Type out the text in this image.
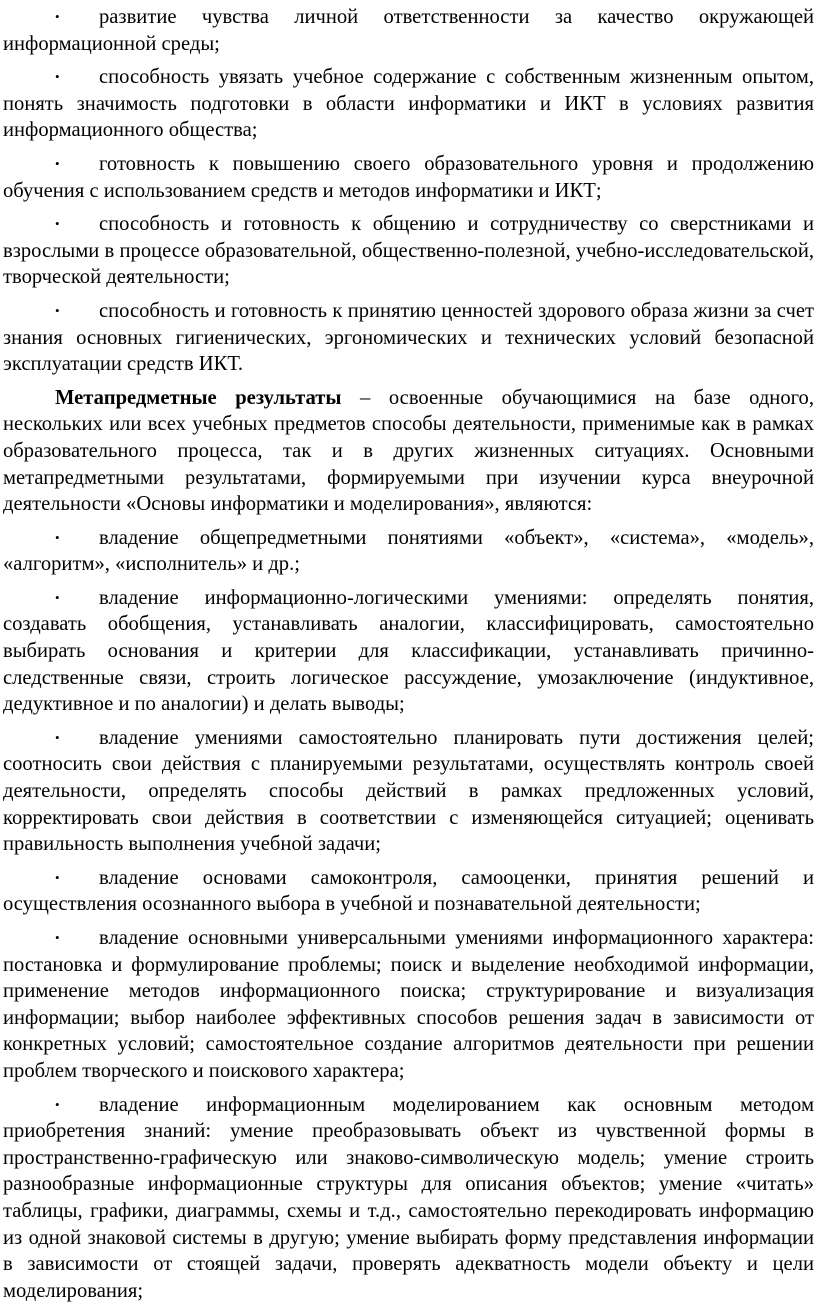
• развитие чувства личной ответственности за качество окружающей информационной среды;

• способность увязать учебное содержание с собственным жизненным опытом, понять значимость подготовки в области информатики и ИКТ в условиях развития информационного общества;

• готовность к повышению своего образовательного уровня и продолжению обучения с использованием средств и методов информатики и ИКТ;

• способность и готовность к общению и сотрудничеству со сверстниками и взрослыми в процессе образовательной, общественно-полезной, учебно-исследовательской, творческой деятельности;

• способность и готовность к принятию ценностей здорового образа жизни за счет знания основных гигиенических, эргономических и технических условий безопасной эксплуатации средств ИКТ.

Метапредметные результаты – освоенные обучающимися на базе одного, нескольких или всех учебных предметов способы деятельности, применимые как в рамках образовательного процесса, так и в других жизненных ситуациях. Основными метапредметными результатами, формируемыми при изучении курса внеурочной деятельности «Основы информатики и моделирования», являются:

• владение общепредметными понятиями «объект», «система», «модель», «алгоритм», «исполнитель» и др.;

• владение информационно-логическими умениями: определять понятия, создавать обобщения, устанавливать аналогии, классифицировать, самостоятельно выбирать основания и критерии для классификации, устанавливать причинно-следственные связи, строить логическое рассуждение, умозаключение (индуктивное, дедуктивное и по аналогии) и делать выводы;

• владение умениями самостоятельно планировать пути достижения целей; соотносить свои действия с планируемыми результатами, осуществлять контроль своей деятельности, определять способы действий в рамках предложенных условий, корректировать свои действия в соответствии с изменяющейся ситуацией; оценивать правильность выполнения учебной задачи;

• владение основами самоконтроля, самооценки, принятия решений и осуществления осознанного выбора в учебной и познавательной деятельности;

• владение основными универсальными умениями информационного характера: постановка и формулирование проблемы; поиск и выделение необходимой информации, применение методов информационного поиска; структурирование и визуализация информации; выбор наиболее эффективных способов решения задач в зависимости от конкретных условий; самостоятельное создание алгоритмов деятельности при решении проблем творческого и поискового характера;

• владение информационным моделированием как основным методом приобретения знаний: умение преобразовывать объект из чувственной формы в пространственно-графическую или знаково-символическую модель; умение строить разнообразные информационные структуры для описания объектов; умение «читать» таблицы, графики, диаграммы, схемы и т.д., самостоятельно перекодировать информацию из одной знаковой системы в другую; умение выбирать форму представления информации в зависимости от стоящей задачи, проверять адекватность модели объекту и цели моделирования;
